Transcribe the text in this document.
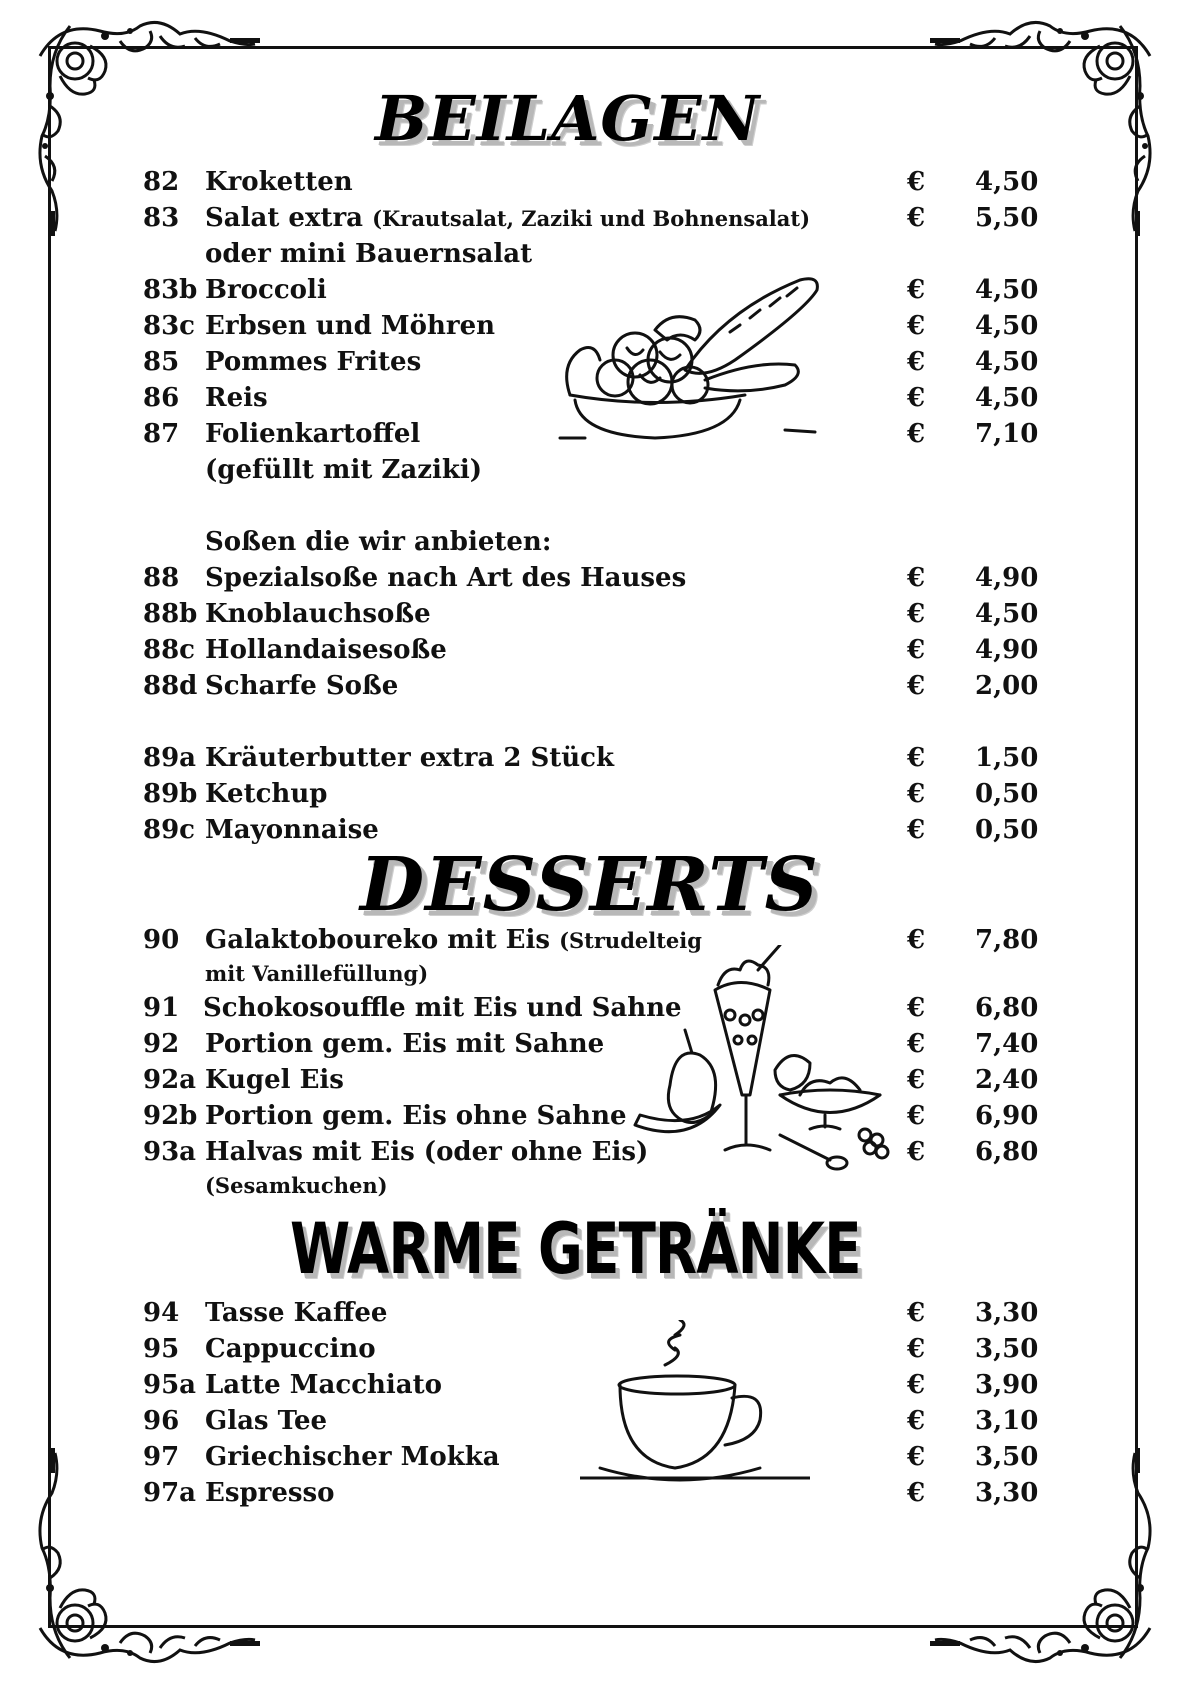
BEILAGEN
DESSERTS
WARME GETRÄNKE
82 Kroketten	€ 4,50
83 Salat extra (Krautsalat, Zaziki und Bohnensalat)	€ 5,50
oder mini Bauernsalat
83b Broccoli	€ 4,50
83c Erbsen und Möhren	€ 4,50
85 Pommes Frites	€ 4,50
86 Reis	€ 4,50
87 Folienkartoffel	€ 7,10
(gefüllt mit Zaziki)
Soßen die wir anbieten:
88 Spezialsoße nach Art des Hauses	€ 4,90
88b Knoblauchsoße	€ 4,50
88c Hollandaisesoße	€ 4,90
88d Scharfe Soße	€ 2,00
89a Kräuterbutter extra 2 Stück	€ 1,50
89b Ketchup	€ 0,50
89c Mayonnaise	€ 0,50
90 Galaktoboureko mit Eis (Strudelteig	€ 7,80
mit Vanillefüllung)
91 Schokosouffle mit Eis und Sahne	€ 6,80
92 Portion gem. Eis mit Sahne	€ 7,40
92a Kugel Eis	€ 2,40
92b Portion gem. Eis ohne Sahne	€ 6,90
93a Halvas mit Eis (oder ohne Eis)	€ 6,80
(Sesamkuchen)
94 Tasse Kaffee	€ 3,30
95 Cappuccino	€ 3,50
95a Latte Macchiato	€ 3,90
96 Glas Tee	€ 3,10
97 Griechischer Mokka	€ 3,50
97a Espresso	€ 3,30
